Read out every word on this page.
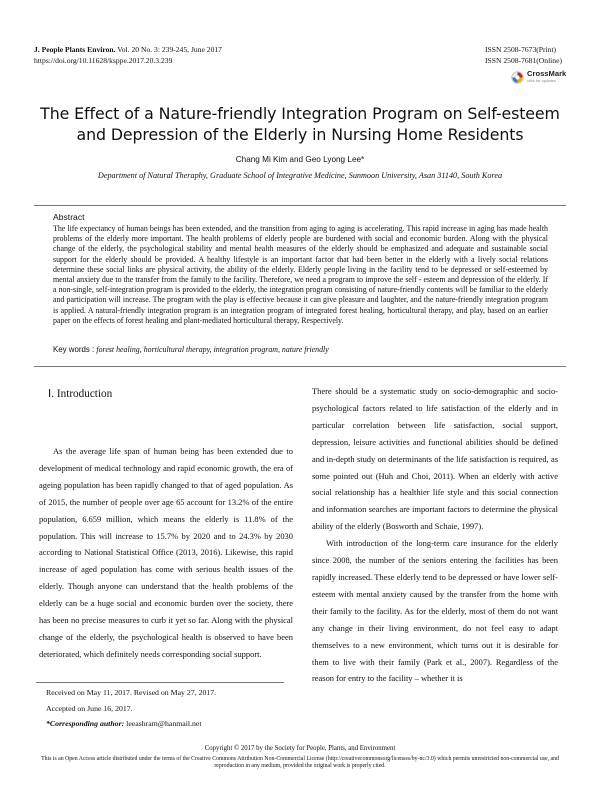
J. People Plants Environ. Vol. 20 No. 3: 239-245, June 2017
https://doi.org/10.11628/ksppe.2017.20.3.239
ISSN 2508-7673(Print)
ISSN 2508-7681(Online)
CrossMark
click for updates
The Effect of a Nature-friendly Integration Program on Self-esteem
and Depression of the Elderly in Nursing Home Residents
Chang Mi Kim and Geo Lyong Lee*
Department of Natural Theraphy, Graduate School of Integrative Medicine, Sunmoon University, Asan 31140, South Korea
Abstract
The life expectancy of human beings has been extended, and the transition from aging to aging is accelerating. This rapid increase in aging has made health problems of the elderly more important. The health problems of elderly people are burdened with social and economic burden. Along with the physical change of the elderly, the psychological stability and mental health measures of the elderly should be emphasized and adequate and sustainable social support for the elderly should be provided. A healthy lifestyle is an important factor that had been better in the elderly with a lively social relations determine these social links are physical activity, the ability of the elderly. Elderly people living in the facility tend to be depressed or self-esteemed by mental anxiety due to the transfer from the family to the facility. Therefore, we need a program to improve the self - esteem and depression of the elderly. If a non-single, self-integration program is provided to the elderly, the integration program consisting of nature-friendly contents will be familiar to the elderly and participation will increase. The program with the play is effective because it can give pleasure and laughter, and the nature-friendly integration program is applied. A natural-friendly integration program is an integration program of integrated forest healing, horticultural therapy, and play, based on an earlier paper on the effects of forest healing and plant-mediated horticultural therapy, Respectively.
Key words : forest healing, horticultural therapy, integration program, nature friendly
Ⅰ. Introduction

As the average life span of human being has been extended due to development of medical technology and rapid economic growth, the era of ageing population has been rapidly changed to that of aged population. As of 2015, the number of people over age 65 account for 13.2% of the entire population, 6.659 million, which means the elderly is 11.8% of the population. This will increase to 15.7% by 2020 and to 24.3% by 2030 according to National Statistical Office (2013, 2016). Likewise, this rapid increase of aged population has come with serious health issues of the elderly. Though anyone can understand that the health problems of the elderly can be a huge social and economic burden over the society, there has been no precise measures to curb it yet so far. Along with the physical change of the elderly, the psychological health is observed to have been deteriorated, which definitely needs corresponding social support.

There should be a systematic study on socio-demographic and socio-psychological factors related to life satisfaction of the elderly and in particular correlation between life satisfaction, social support, depression, leisure activities and functional abilities should be defined and in-depth study on determinants of the life satisfaction is required, as some pointed out (Huh and Choi, 2011). When an elderly with active social relationship has a healthier life style and this social connection and information searches are important factors to determine the physical ability of the elderly (Bosworth and Schaie, 1997).

With introduction of the long-term care insurance for the elderly since 2008, the number of the seniors entering the facilities has been rapidly increased. These elderly tend to be depressed or have lower self-esteem with mental anxiety caused by the transfer from the home with their family to the facility. As for the elderly, most of them do not want any change in their living environment, do not feel easy to adapt themselves to a new environment, which turns out it is desirable for them to live with their family (Park et al., 2007). Regardless of the reason for entry to the facility – whether it is

Received on May 11, 2017. Revised on May 27, 2017.
Accepted on June 16, 2017.
*Corresponding author: leeashram@hanmail.net
Copyright © 2017 by the Society for People, Plants, and Environment
This is an Open Access article distributed under the terms of the Creative Commons Attribution Non-Commercial License (http://creativecommonsorg/licenses/by-nc/3.0) which permits unrestricted non-commercial use, and reproduction in any medium, provided the original work is properly cited.
